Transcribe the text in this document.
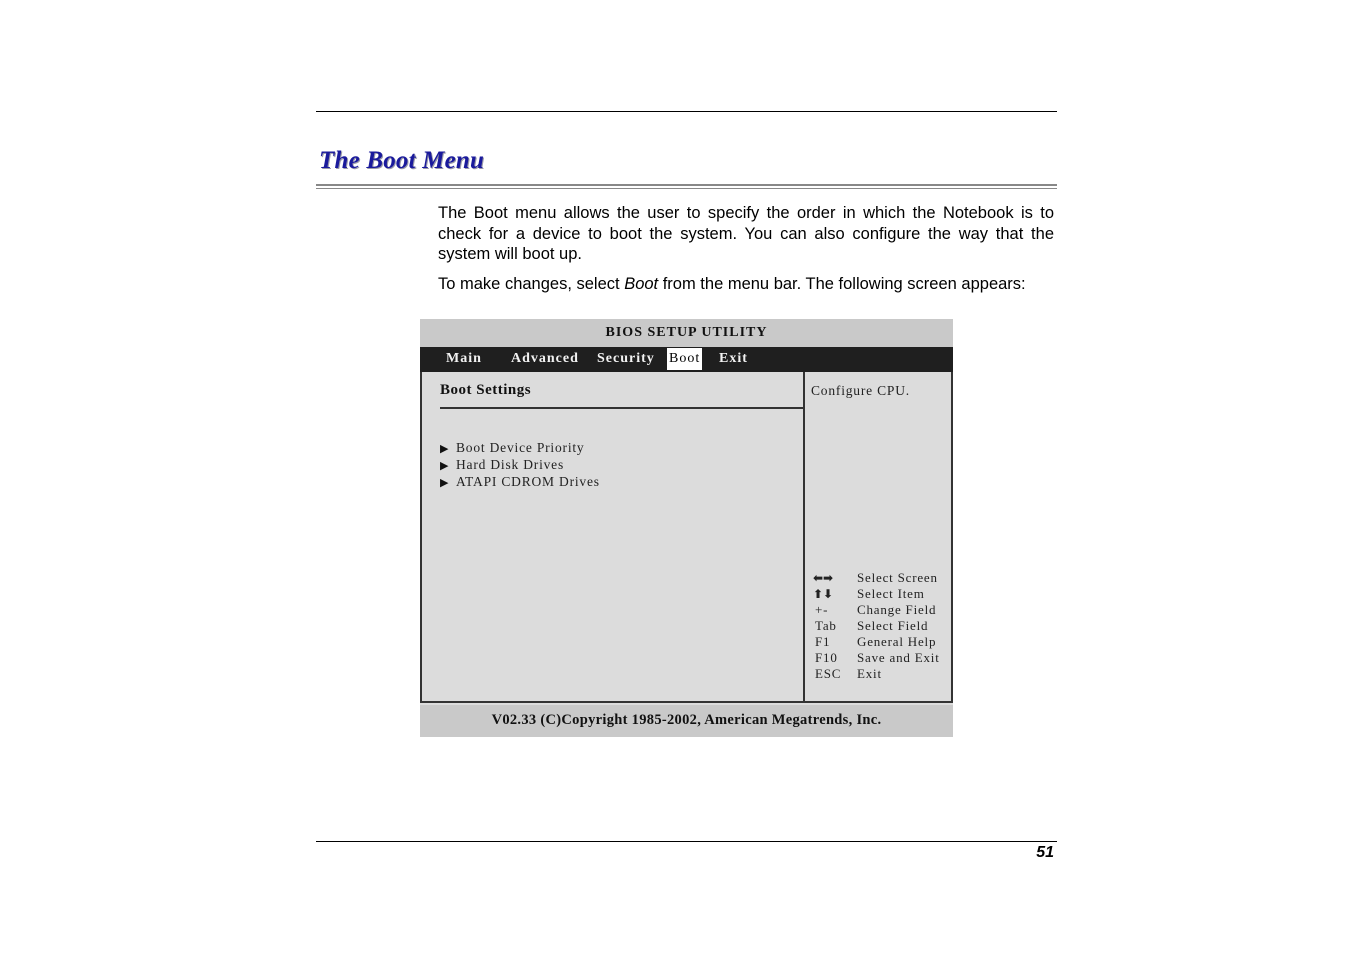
The Boot Menu

The Boot menu allows the user to specify the order in which the Notebook is to check for a device to boot the system. You can also configure the way that the system will boot up.

To make changes, select Boot from the menu bar. The following screen appears:

BIOS SETUP UTILITY
Main Advanced Security Boot Exit
Boot Settings
▶ Boot Device Priority
▶ Hard Disk Drives
▶ ATAPI CDROM Drives
Configure CPU.
⬅➡	Select Screen
⬆⬇	Select Item
+-	Change Field
Tab	Select Field
F1	General Help
F10	Save and Exit
ESC	Exit
V02.33 (C)Copyright 1985-2002, American Megatrends, Inc.
51
